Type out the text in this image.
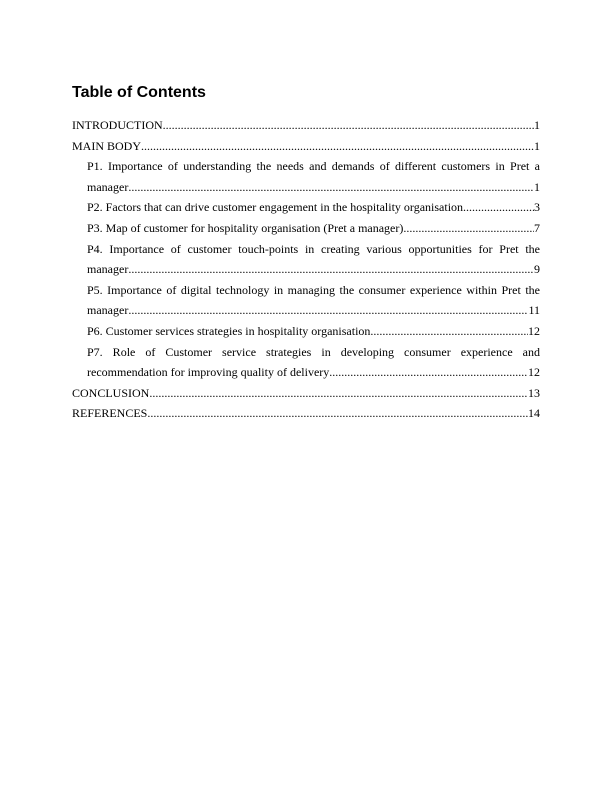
Table of Contents
INTRODUCTION .....	1
MAIN BODY .....	1
P1. Importance of understanding the needs and demands of different customers in Pret a
manager .....	1
P2. Factors that can drive customer engagement in the hospitality organisation .....	3
P3. Map of customer for hospitality organisation (Pret a manager) .....	7
P4. Importance of customer touch-points in creating various opportunities for Pret the
manager .....	9
P5. Importance of digital technology in managing the consumer experience within Pret the
manager .....	11
P6. Customer services strategies in hospitality organisation .....	12
P7. Role of Customer service strategies in developing consumer experience and
recommendation for improving quality of delivery .....	12
CONCLUSION .....	13
REFERENCES .....	14
